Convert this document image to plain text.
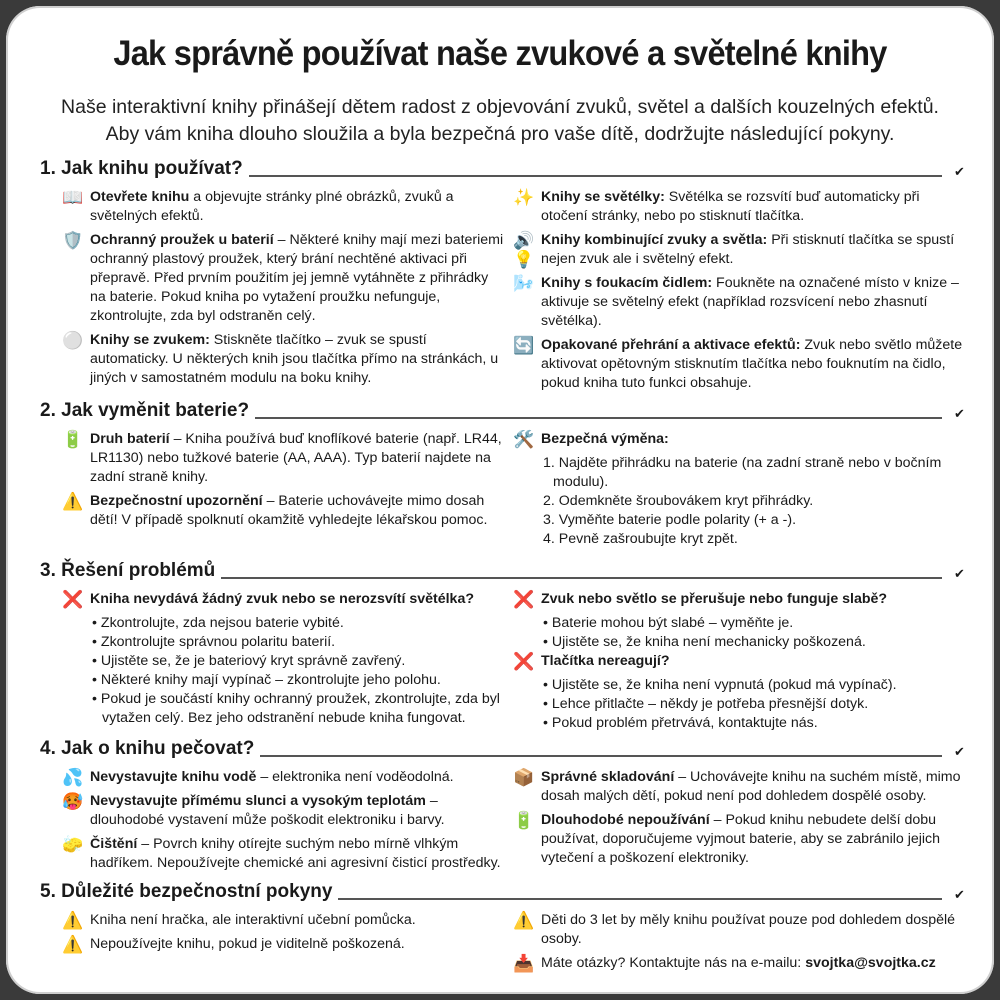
Jak správně používat naše zvukové a světelné knihy
Naše interaktivní knihy přinášejí dětem radost z objevování zvuků, světel a dalších kouzelných efektů.
Aby vám kniha dlouho sloužila a byla bezpečná pro vaše dítě, dodržujte následující pokyny.
1. Jak knihu používat?	✔
📖 Otevřete knihu a objevujte stránky plné obrázků, zvuků a světelných efektů.
🛡️ Ochranný proužek u baterií – Některé knihy mají mezi bateriemi ochranný plastový proužek, který brání nechtěné aktivaci při přepravě. Před prvním použitím jej jemně vytáhněte z přihrádky na baterie. Pokud kniha po vytažení proužku nefunguje, zkontrolujte, zda byl odstraněn celý.
⚪ Knihy se zvukem: Stiskněte tlačítko – zvuk se spustí automaticky. U některých knih jsou tlačítka přímo na stránkách, u jiných v samostatném modulu na boku knihy.
✨ Knihy se světélky: Světélka se rozsvítí buď automaticky při otočení stránky, nebo po stisknutí tlačítka.
🔊💡
Knihy kombinující zvuky a světla: Při stisknutí tlačítka se spustí nejen zvuk ale i světelný efekt.
🌬️ Knihy s foukacím čidlem: Foukněte na označené místo v knize – aktivuje se světelný efekt (například rozsvícení nebo zhasnutí světélka).
🔄 Opakované přehrání a aktivace efektů: Zvuk nebo světlo můžete aktivovat opětovným stisknutím tlačítka nebo fouknutím na čidlo, pokud kniha tuto funkci obsahuje.
2. Jak vyměnit baterie?	✔
🔋 Druh baterií – Kniha používá buď knoflíkové baterie (např. LR44, LR1130) nebo tužkové baterie (AA, AAA). Typ baterií najdete na zadní straně knihy.
⚠️ Bezpečnostní upozornění – Baterie uchovávejte mimo dosah dětí! V případě spolknutí okamžitě vyhledejte lékařskou pomoc.
🛠️ Bezpečná výměna:
1. Najděte přihrádku na baterie (na zadní straně nebo v bočním modulu).
2. Odemkněte šroubovákem kryt přihrádky.
3. Vyměňte baterie podle polarity (+ a -).
4. Pevně zašroubujte kryt zpět.
3. Řešení problémů	✔
❌ Kniha nevydává žádný zvuk nebo se nerozsvítí světélka?
• Zkontrolujte, zda nejsou baterie vybité.
• Zkontrolujte správnou polaritu baterií.
• Ujistěte se, že je bateriový kryt správně zavřený.
• Některé knihy mají vypínač – zkontrolujte jeho polohu.
• Pokud je součástí knihy ochranný proužek, zkontrolujte, zda byl vytažen celý. Bez jeho odstranění nebude kniha fungovat.
❌ Zvuk nebo světlo se přerušuje nebo funguje slabě?
• Baterie mohou být slabé – vyměňte je.
• Ujistěte se, že kniha není mechanicky poškozená.
❌ Tlačítka nereagují?
• Ujistěte se, že kniha není vypnutá (pokud má vypínač).
• Lehce přitlačte – někdy je potřeba přesnější dotyk.
• Pokud problém přetrvává, kontaktujte nás.
4. Jak o knihu pečovat?	✔
💦 Nevystavujte knihu vodě – elektronika není voděodolná.
🥵 Nevystavujte přímému slunci a vysokým teplotám – dlouhodobé vystavení může poškodit elektroniku i barvy.
🧽 Čištění – Povrch knihy otírejte suchým nebo mírně vlhkým hadříkem. Nepoužívejte chemické ani agresivní čisticí prostředky.
📦 Správné skladování – Uchovávejte knihu na suchém místě, mimo dosah malých dětí, pokud není pod dohledem dospělé osoby.
🔋 Dlouhodobé nepoužívání – Pokud knihu nebudete delší dobu používat, doporučujeme vyjmout baterie, aby se zabránilo jejich vytečení a poškození elektroniky.
5. Důležité bezpečnostní pokyny	✔
⚠️ Kniha není hračka, ale interaktivní učební pomůcka.
⚠️ Nepoužívejte knihu, pokud je viditelně poškozená.
⚠️ Děti do 3 let by měly knihu používat pouze pod dohledem dospělé osoby.
📥 Máte otázky? Kontaktujte nás na e-mailu: svojtka@svojtka.cz
